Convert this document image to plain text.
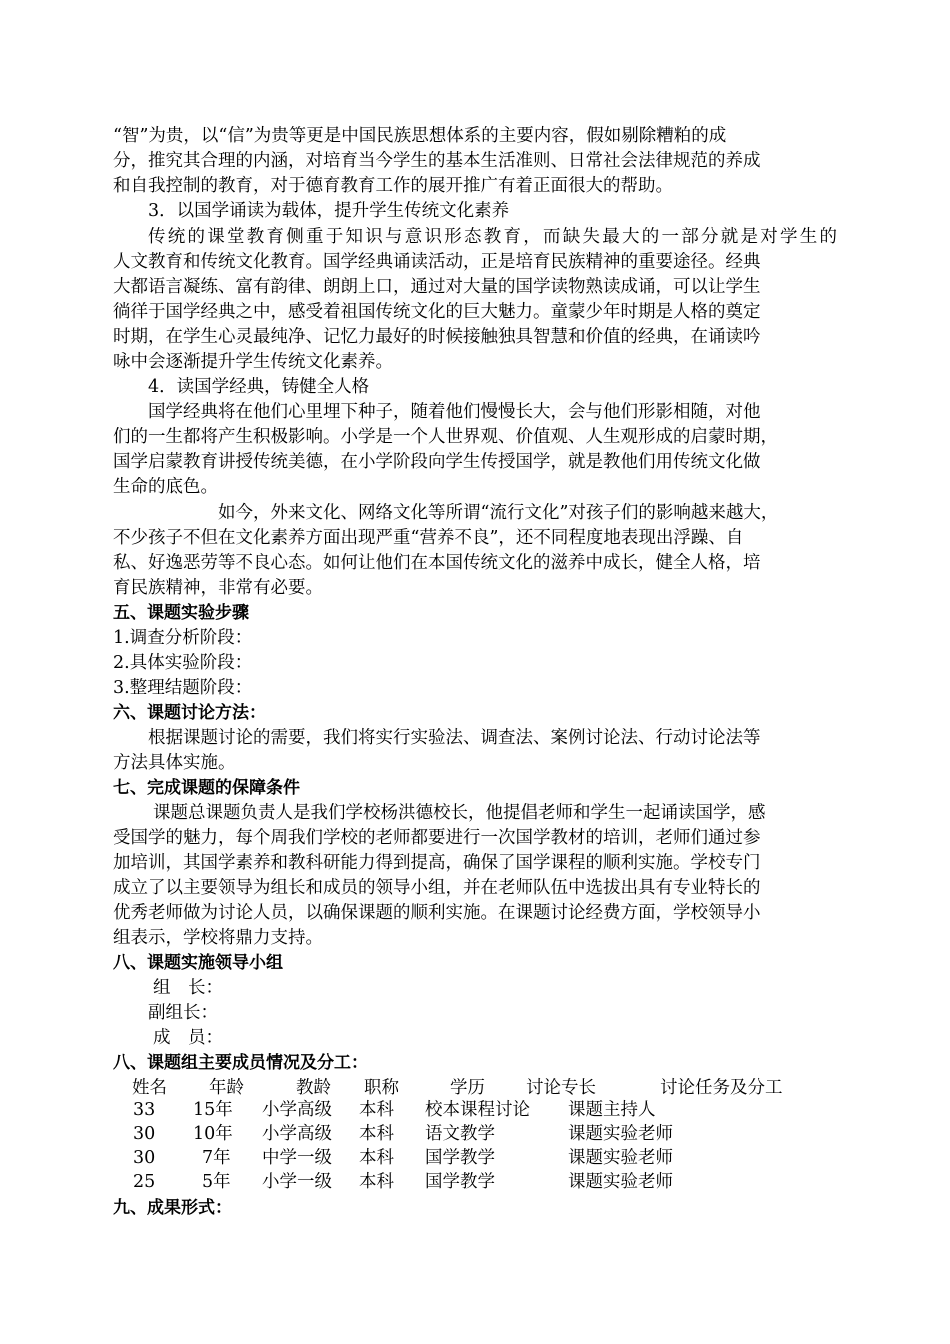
“智”为贵，以“信”为贵等更是中国民族思想体系的主要内容，假如剔除糟粕的成
分，推究其合理的内涵，对培育当今学生的基本生活准则、日常社会法律规范的养成
和自我控制的教育，对于德育教育工作的展开推广有着正面很大的帮助。
3．以国学诵读为载体，提升学生传统文化素养
传统的课堂教育侧重于知识与意识形态教育，而缺失最大的一部分就是对学生的
人文教育和传统文化教育。国学经典诵读活动，正是培育民族精神的重要途径。经典
大都语言凝练、富有韵律、朗朗上口，通过对大量的国学读物熟读成诵，可以让学生
徜徉于国学经典之中，感受着祖国传统文化的巨大魅力。童蒙少年时期是人格的奠定
时期，在学生心灵最纯净、记忆力最好的时候接触独具智慧和价值的经典，在诵读吟
咏中会逐渐提升学生传统文化素养。
4．读国学经典，铸健全人格
国学经典将在他们心里埋下种子，随着他们慢慢长大，会与他们形影相随，对他
们的一生都将产生积极影响。小学是一个人世界观、价值观、人生观形成的启蒙时期，
国学启蒙教育讲授传统美德，在小学阶段向学生传授国学，就是教他们用传统文化做
生命的底色。
如今，外来文化、网络文化等所谓“流行文化”对孩子们的影响越来越大，
不少孩子不但在文化素养方面出现严重“营养不良”，还不同程度地表现出浮躁、自
私、好逸恶劳等不良心态。如何让他们在本国传统文化的滋养中成长，健全人格，培
育民族精神，非常有必要。
五、课题实验步骤
1.调查分析阶段：
2.具体实验阶段：
3.整理结题阶段：
六、课题讨论方法：
根据课题讨论的需要，我们将实行实验法、调查法、案例讨论法、行动讨论法等
方法具体实施。
七、完成课题的保障条件
课题总课题负责人是我们学校杨洪德校长，他提倡老师和学生一起诵读国学，感
受国学的魅力，每个周我们学校的老师都要进行一次国学教材的培训，老师们通过参
加培训，其国学素养和教科研能力得到提高，确保了国学课程的顺利实施。学校专门
成立了以主要领导为组长和成员的领导小组，并在老师队伍中选拔出具有专业特长的
优秀老师做为讨论人员，以确保课题的顺利实施。在课题讨论经费方面，学校领导小
组表示，学校将鼎力支持。
八、课题实施领导小组
组　长：
副组长：
成　员：
八、课题组主要成员情况及分工：
姓名 年龄	教龄 职称	学历 讨论专长	讨论任务及分工
33 15年 小学高级 本科 校本课程讨论 课题主持人
30 10年 小学高级 本科 语文教学	课题实验老师
30	7年 中学一级 本科 国学教学	课题实验老师
25	5年 小学一级 本科 国学教学	课题实验老师
九、成果形式：
